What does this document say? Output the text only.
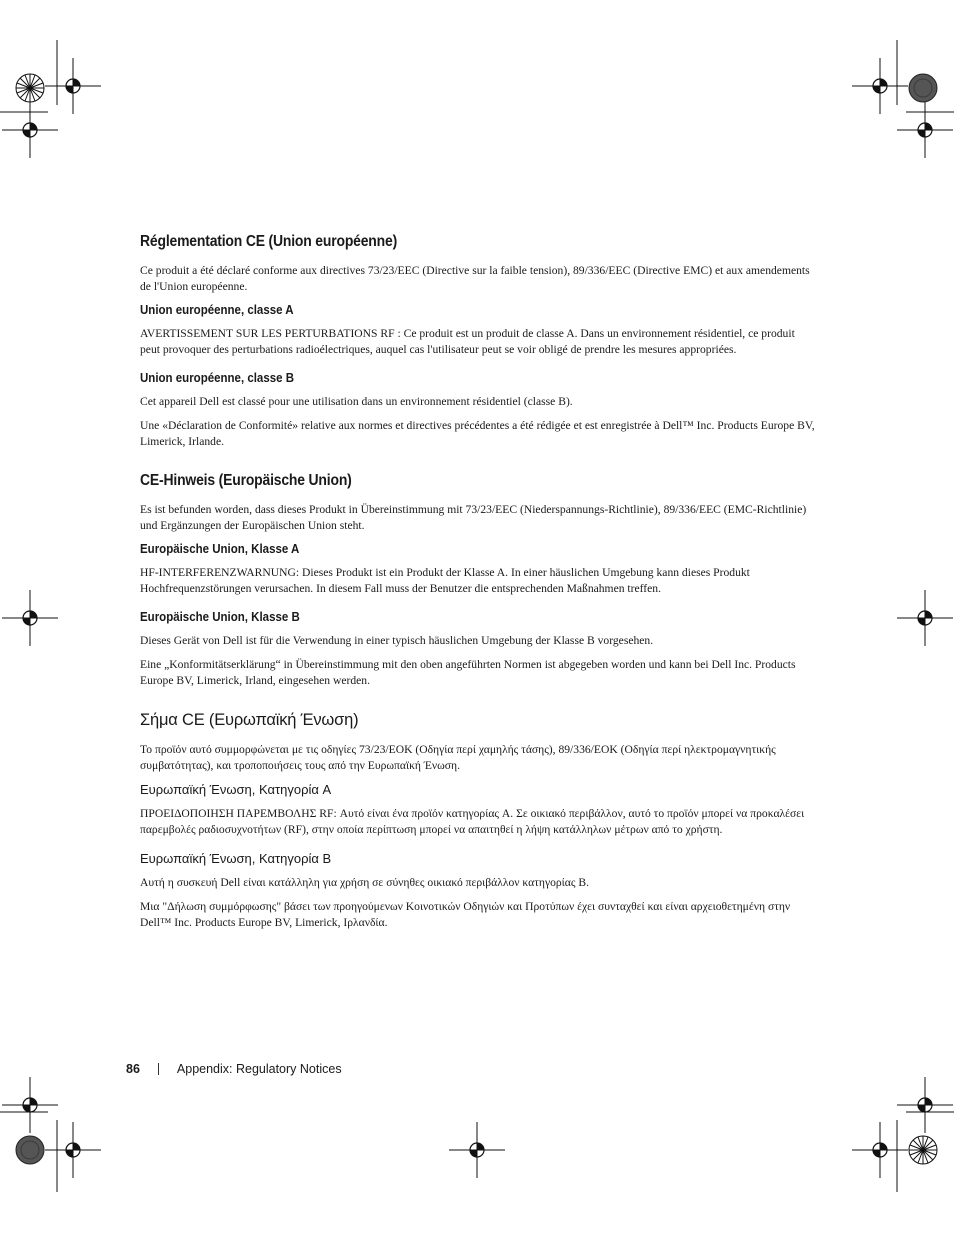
Réglementation CE (Union européenne)

Ce produit a été déclaré conforme aux directives 73/23/EEC (Directive sur la faible tension), 89/336/EEC (Directive EMC) et aux amendements de l'Union européenne.

Union européenne, classe A

AVERTISSEMENT SUR LES PERTURBATIONS RF : Ce produit est un produit de classe A. Dans un environnement résidentiel, ce produit peut provoquer des perturbations radioélectriques, auquel cas l'utilisateur peut se voir obligé de prendre les mesures appropriées.

Union européenne, classe B

Cet appareil Dell est classé pour une utilisation dans un environnement résidentiel (classe B).

Une «Déclaration de Conformité» relative aux normes et directives précédentes a été rédigée et est enregistrée à Dell™ Inc. Products Europe BV, Limerick, Irlande.

CE-Hinweis (Europäische Union)

Es ist befunden worden, dass dieses Produkt in Übereinstimmung mit 73/23/EEC (Niederspannungs-Richtlinie), 89/336/EEC (EMC-Richtlinie) und Ergänzungen der Europäischen Union steht.

Europäische Union, Klasse A

HF-INTERFERENZWARNUNG: Dieses Produkt ist ein Produkt der Klasse A. In einer häuslichen Umgebung kann dieses Produkt Hochfrequenzstörungen verursachen. In diesem Fall muss der Benutzer die entsprechenden Maßnahmen treffen.

Europäische Union, Klasse B

Dieses Gerät von Dell ist für die Verwendung in einer typisch häuslichen Umgebung der Klasse B vorgesehen.

Eine „Konformitätserklärung“ in Übereinstimmung mit den oben angeführten Normen ist abgegeben worden und kann bei Dell Inc. Products Europe BV, Limerick, Irland, eingesehen werden.

Σήμα CE (Ευρωπαϊκή Ένωση)

Το προϊόν αυτό συμμορφώνεται με τις οδηγίες 73/23/ΕΟΚ (Οδηγία περί χαμηλής τάσης), 89/336/ΕΟΚ (Οδηγία περί ηλεκτρομαγνητικής συμβατότητας), και τροποποιήσεις τους από την Ευρωπαϊκή Ένωση.

Ευρωπαϊκή Ένωση, Κατηγορία A

ΠΡΟΕΙΔΟΠΟΙΗΣΗ ΠΑΡΕΜΒΟΛΗΣ RF: Αυτό είναι ένα προϊόν κατηγορίας A. Σε οικιακό περιβάλλον, αυτό το προϊόν μπορεί να προκαλέσει παρεμβολές ραδιοσυχνοτήτων (RF), στην οποία περίπτωση μπορεί να απαιτηθεί η λήψη κατάλληλων μέτρων από το χρήστη.

Ευρωπαϊκή Ένωση, Κατηγορία B

Αυτή η συσκευή Dell είναι κατάλληλη για χρήση σε σύνηθες οικιακό περιβάλλον κατηγορίας B.

Μια "Δήλωση συμμόρφωσης" βάσει των προηγούμενων Κοινοτικών Οδηγιών και Προτύπων έχει συνταχθεί και είναι αρχειοθετημένη στην Dell™ Inc. Products Europe BV, Limerick, Ιρλανδία.

86	Appendix: Regulatory Notices
